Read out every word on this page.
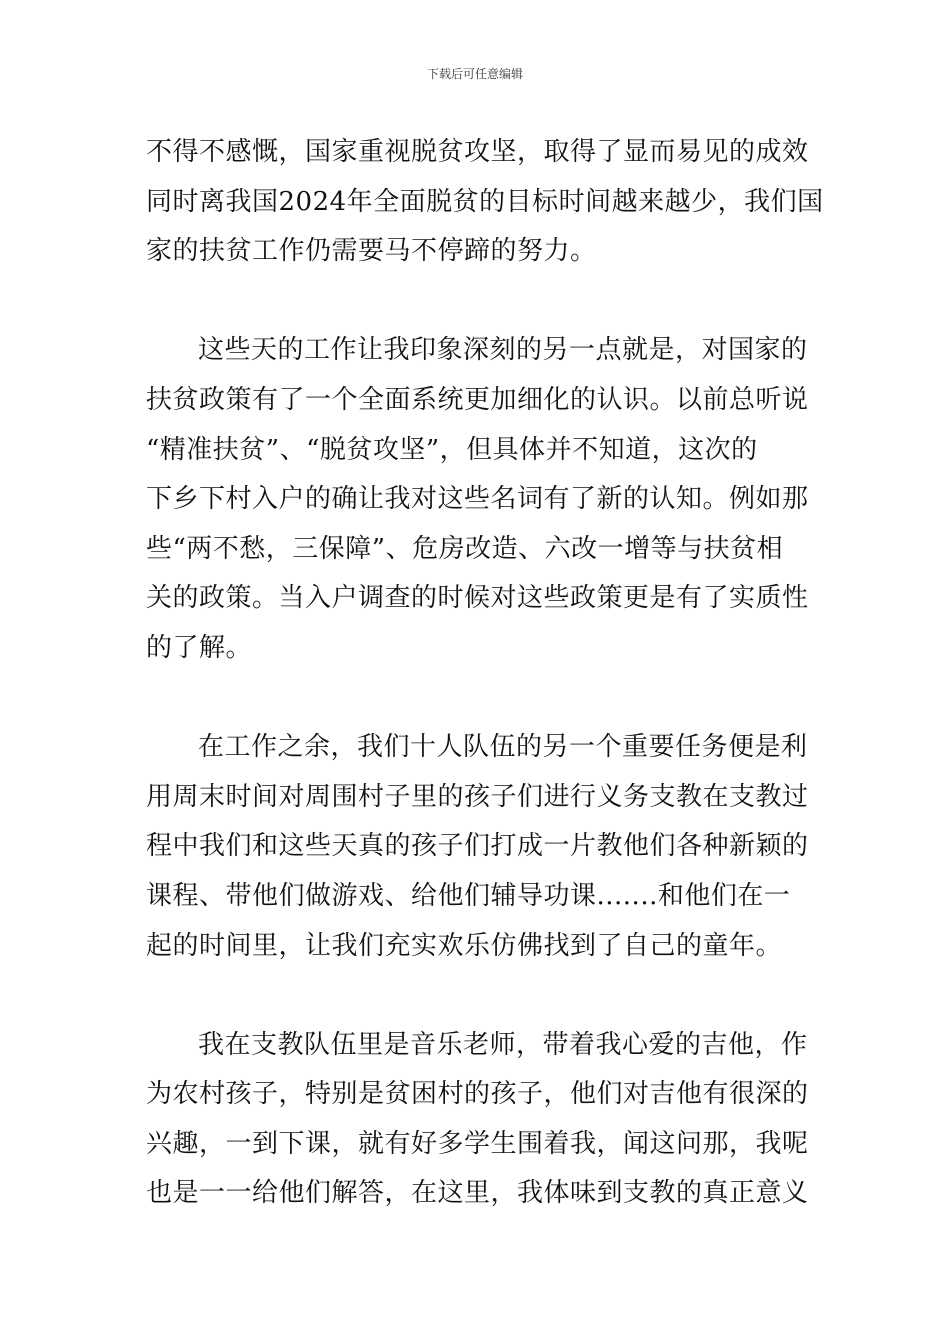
下载后可任意编辑
不得不感慨，国家重视脱贫攻坚，取得了显而易见的成效
同时离我国2024年全面脱贫的目标时间越来越少，我们国
家的扶贫工作仍需要马不停蹄的努力。
这些天的工作让我印象深刻的另一点就是，对国家的
扶贫政策有了一个全面系统更加细化的认识。以前总听说
“精准扶贫”、“脱贫攻坚”，但具体并不知道，这次的
下乡下村入户的确让我对这些名词有了新的认知。例如那
些“两不愁，三保障”、危房改造、六改一增等与扶贫相
关的政策。当入户调查的时候对这些政策更是有了实质性
的了解。
在工作之余，我们十人队伍的另一个重要任务便是利
用周末时间对周围村子里的孩子们进行义务支教在支教过
程中我们和这些天真的孩子们打成一片教他们各种新颖的
课程、带他们做游戏、给他们辅导功课.......和他们在一
起的时间里，让我们充实欢乐仿佛找到了自己的童年。
我在支教队伍里是音乐老师，带着我心爱的吉他，作
为农村孩子，特别是贫困村的孩子，他们对吉他有很深的
兴趣，一到下课，就有好多学生围着我，闻这问那，我呢
也是一一给他们解答，在这里，我体味到支教的真正意义
